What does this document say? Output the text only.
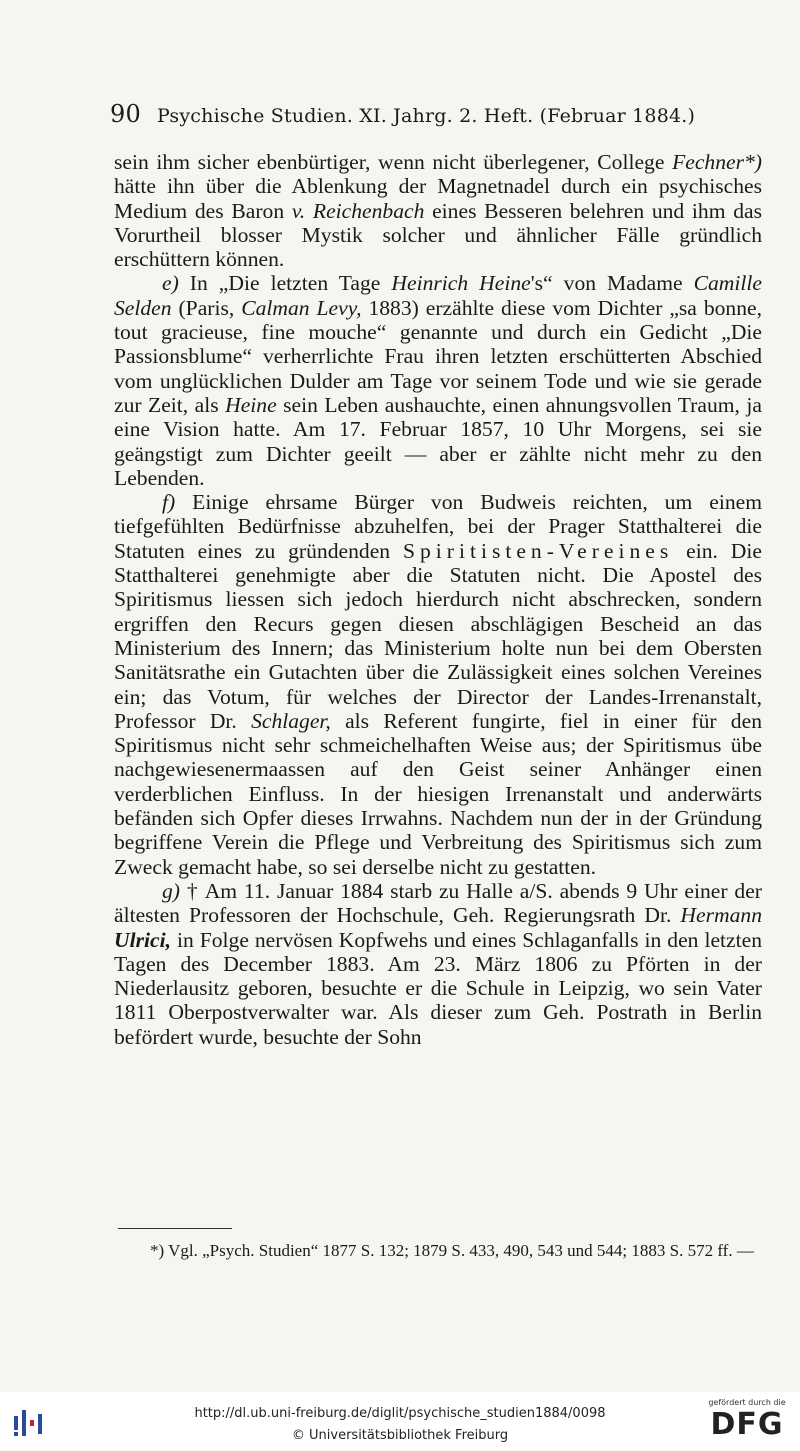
90 Psychische Studien. XI. Jahrg. 2. Heft. (Februar 1884.)

sein ihm sicher ebenbürtiger, wenn nicht überlegener, College Fechner*) hätte ihn über die Ablenkung der Magnetnadel durch ein psychisches Medium des Baron v. Reichenbach eines Besseren belehren und ihm das Vorurtheil blosser Mystik solcher und ähnlicher Fälle gründlich erschüttern können.

e) In „Die letzten Tage Heinrich Heine's“ von Madame Camille Selden (Paris, Calman Levy, 1883) erzählte diese vom Dichter „sa bonne, tout gracieuse, fine mouche“ genannte und durch ein Gedicht „Die Passionsblume“ verherrlichte Frau ihren letzten erschütterten Abschied vom unglücklichen Dulder am Tage vor seinem Tode und wie sie gerade zur Zeit, als Heine sein Leben aushauchte, einen ahnungsvollen Traum, ja eine Vision hatte. Am 17. Februar 1857, 10 Uhr Morgens, sei sie geängstigt zum Dichter geeilt — aber er zählte nicht mehr zu den Lebenden.

f) Einige ehrsame Bürger von Budweis reichten, um einem tiefgefühlten Bedürfnisse abzuhelfen, bei der Prager Statthalterei die Statuten eines zu gründenden Spiritisten-Vereines ein. Die Statthalterei genehmigte aber die Statuten nicht. Die Apostel des Spiritismus liessen sich jedoch hierdurch nicht abschrecken, sondern ergriffen den Recurs gegen diesen abschlägigen Bescheid an das Ministerium des Innern; das Ministerium holte nun bei dem Obersten Sanitätsrathe ein Gutachten über die Zulässigkeit eines solchen Vereines ein; das Votum, für welches der Director der Landes-Irrenanstalt, Professor Dr. Schlager, als Referent fungirte, fiel in einer für den Spiritismus nicht sehr schmeichelhaften Weise aus; der Spiritismus übe nachgewiesenermaassen auf den Geist seiner Anhänger einen verderblichen Einfluss. In der hiesigen Irrenanstalt und anderwärts befänden sich Opfer dieses Irrwahns. Nachdem nun der in der Gründung begriffene Verein die Pflege und Verbreitung des Spiritismus sich zum Zweck gemacht habe, so sei derselbe nicht zu gestatten.

g) † Am 11. Januar 1884 starb zu Halle a/S. abends 9 Uhr einer der ältesten Professoren der Hochschule, Geh. Regierungsrath Dr. Hermann Ulrici, in Folge nervösen Kopfwehs und eines Schlaganfalls in den letzten Tagen des December 1883. Am 23. März 1806 zu Pförten in der Niederlausitz geboren, besuchte er die Schule in Leipzig, wo sein Vater 1811 Oberpostverwalter war. Als dieser zum Geh. Postrath in Berlin befördert wurde, besuchte der Sohn

*) Vgl. „Psych. Studien“ 1877 S. 132; 1879 S. 433, 490, 543 und 544; 1883 S. 572 ff. —
http://dl.ub.uni-freiburg.de/diglit/psychische_studien1884/0098
© Universitätsbibliothek Freiburg
gefördert durch die
DFG
